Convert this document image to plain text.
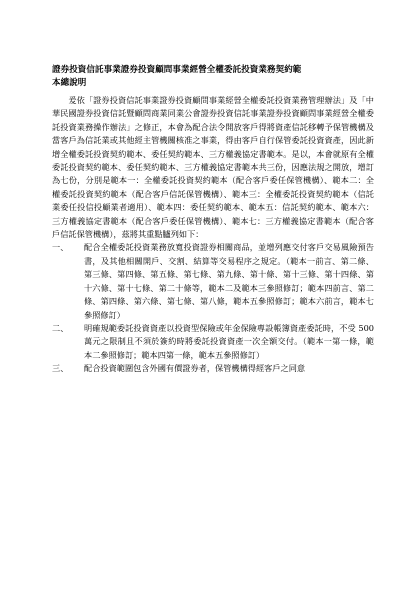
證券投資信託事業證券投資顧問事業經營全權委託投資業務契約範
本總說明

爰依「證券投資信託事業證券投資顧問事業經營全權委託投資業務管理辦法」及「中華民國證券投資信託暨顧問商業同業公會證券投資信託事業證券投資顧問事業經營全權委託投資業務操作辦法」之修正，本會為配合法令開放客戶得將資產信託移轉予保管機構及當客戶為信託業或其他經主管機關核准之事業，得由客戶自行保管委託投資資產，因此新增全權委託投資契約範本、委任契約範本、三方權義協定書範本。是以，本會就原有全權委託投資契約範本、委任契約範本、三方權義協定書範本共三份，因應法規之開放，增訂為七份，分別是範本一：全權委託投資契約範本（配合客戶委任保管機構）、範本二：全權委託投資契約範本（配合客戶信託保管機構）、範本三：全權委託投資契約範本（信託業委任投信投顧業者適用）、範本四：委任契約範本、範本五：信託契約範本、範本六：三方權義協定書範本（配合客戶委任保管機構）、範本七：三方權義協定書範本（配合客戶信託保管機構），茲將其重點臚列如下：

一、	配合全權委託投資業務放寬投資證券相關商品，並增列應交付客戶交易風險預告書，及其他相關開戶、交割、結算等交易程序之規定。（範本一前言、第二條、第三條、第四條、第五條、第七條、第九條、第十條、第十三條、第十四條、第十六條、第十七條、第二十條等，範本二及範本三參照修訂；範本四前言、第二條、第四條、第六條、第七條、第八條，範本五參照修訂；範本六前言，範本七參照修訂）
二、	明確規範委託投資資產以投資型保險或年金保險專設帳簿資產委託時，不受 500 萬元之限制且不須於簽約時將委託投資資產一次全額交付。（範本一第一條，範本二參照修訂；範本四第一條，範本五參照修訂）
三、	配合投資範圍包含外國有價證券者，保管機構得經客戶之同意
